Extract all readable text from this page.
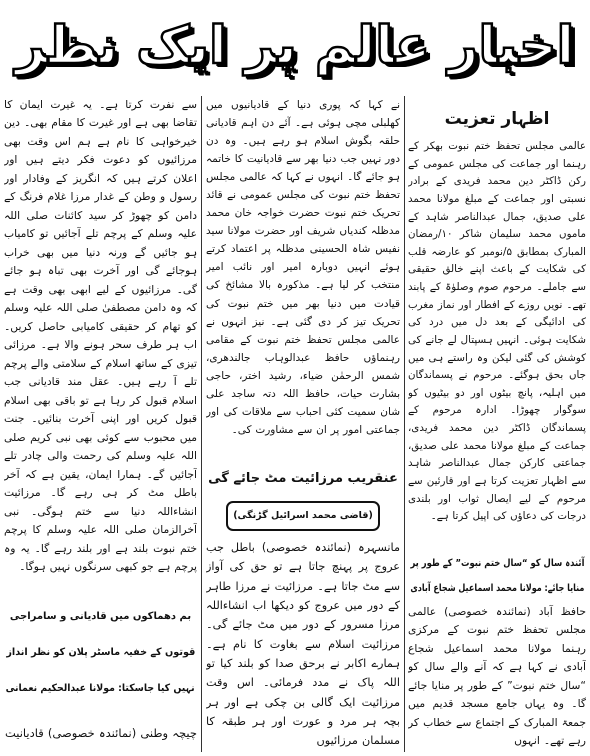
اخبار عالم پر ایک نظر
اظہار تعزیت
عالمی مجلس تحفظ ختم نبوت بھکر کے رہنما اور جماعت کی مجلس عمومی کے رکن ڈاکٹر دین محمد فریدی کے برادر نسبتی اور جماعت کے مبلغ مولانا محمد علی صدیق، جمال عبدالناصر شاہد کے ماموں محمد سلیمان شاکر ۱۰/رمضان المبارک بمطابق ۵/نومبر کو عارضہ قلب کی شکایت کے باعث اپنے خالق حقیقی سے جاملے۔ مرحوم صوم وصلوٰۃ کے پابند تھے۔ نویں روزے کے افطار اور نماز مغرب کی ادائیگی کے بعد دل میں درد کی شکایت ہوئی۔ انہیں ہسپتال لے جانے کی کوشش کی گئی لیکن وہ راستے ہی میں جاں بحق ہوگئے۔ مرحوم نے پسماندگان میں اہلیہ، پانچ بیٹوں اور دو بیٹیوں کو سوگوار چھوڑا۔ ادارہ مرحوم کے پسماندگان ڈاکٹر دین محمد فریدی، جماعت کے مبلغ مولانا محمد علی صدیق، جماعتی کارکن جمال عبدالناصر شاہد سے اظہار تعزیت کرتا ہے اور قارئین سے مرحوم کے لیے ایصال ثواب اور بلندی درجات کی دعاؤں کی اپیل کرتا ہے۔
آئندہ سال کو “سال ختم نبوت” کے طور پر
منایا جائے: مولانا محمد اسماعیل شجاع آبادی
حافظ آباد (نمائندہ خصوصی) عالمی مجلس تحفظ ختم نبوت کے مرکزی رہنما مولانا محمد اسماعیل شجاع آبادی نے کہا ہے کہ آنے والے سال کو “سال ختم نبوت” کے طور پر منایا جائے گا۔ وہ یہاں جامع مسجد قدیم میں جمعۃ المبارک کے اجتماع سے خطاب کر رہے تھے۔ انہوں
نے کہا کہ پوری دنیا کے قادیانیوں میں کھلبلی مچی ہوئی ہے۔ آئے دن اہم قادیانی حلقہ بگوش اسلام ہو رہے ہیں۔ وہ دن دور نہیں جب دنیا بھر سے قادیانیت کا خاتمہ ہو جائے گا۔ انہوں نے کہا کہ عالمی مجلس تحفظ ختم نبوت کی مجلس عمومی نے قائد تحریک ختم نبوت حضرت خواجہ خان محمد مدظلہ کندیاں شریف اور حضرت مولانا سید نفیس شاہ الحسینی مدظلہ پر اعتماد کرتے ہوئے انہیں دوبارہ امیر اور نائب امیر منتخب کر لیا ہے۔ مذکورہ بالا مشائخ کی قیادت میں دنیا بھر میں ختم نبوت کی تحریک تیز کر دی گئی ہے۔ نیز انہوں نے عالمی مجلس تحفظ ختم نبوت کے مقامی رہنماؤں حافظ عبدالوہاب جالندھری، شمس الرحمٰن ضیاء، رشید اختر، حاجی بشارت حیات، حافظ اللہ دتہ ساجد علی شان سمیت کئی احباب سے ملاقات کی اور جماعتی امور پر ان سے مشاورت کی۔
عنقریب مرزائیت مٹ جائے گی
(قاضی محمد اسرائیل گڑنگی)
مانسہرہ (نمائندہ خصوصی) باطل جب عروج پر پہنچ جاتا ہے تو حق کی آواز سے مٹ جاتا ہے۔ مرزائیت نے مرزا طاہر کے دور میں عروج کو دیکھا اب انشاءاللہ مرزا مسرور کے دور میں مٹ جائے گی۔ مرزائیت اسلام سے بغاوت کا نام ہے۔ ہمارے اکابر نے برحق صدا کو بلند کیا تو اللہ پاک نے مدد فرمائی۔ اس وقت مرزائیت ایک گالی بن چکی ہے اور ہر بچہ ہر مرد و عورت اور ہر طبقہ کا مسلمان مرزائیوں
سے نفرت کرتا ہے۔ یہ غیرت ایمان کا تقاضا بھی ہے اور غیرت کا مقام بھی۔ دین خیرخواہی کا نام ہے ہم اس وقت بھی مرزائیوں کو دعوت فکر دیتے ہیں اور اعلان کرتے ہیں کہ انگریز کے وفادار اور رسول و وطن کے غدار مرزا غلام فرنگ کے دامن کو چھوڑ کر سید کائنات صلی اللہ علیہ وسلم کے پرچم تلے آجائیں تو کامیاب ہو جائیں گے ورنہ دنیا میں بھی خراب ہوجائے گی اور آخرت بھی تباہ ہو جائے گی۔ مرزائیوں کے لیے ابھی بھی وقت ہے کہ وہ دامن مصطفیٰ صلی اللہ علیہ وسلم کو تھام کر حقیقی کامیابی حاصل کریں۔ اب ہر طرف سحر ہونے والا ہے۔ مرزائی تیزی کے ساتھ اسلام کے سلامتی والے پرچم تلے آ رہے ہیں۔ عقل مند قادیانی جب اسلام قبول کر رہا ہے تو باقی بھی اسلام قبول کریں اور اپنی آخرت بنائیں۔ جنت میں محبوب سے کوئی بھی نبی کریم صلی اللہ علیہ وسلم کی رحمت والی چادر تلے آجائیں گے۔ ہمارا ایمان، یقین ہے کہ آخر باطل مٹ کر ہی رہے گا۔ مرزائیت انشاءاللہ دنیا سے ختم ہوگی۔ نبی آخرالزمان صلی اللہ علیہ وسلم کا پرچم ختم نبوت بلند ہے اور بلند رہے گا۔ یہ وہ پرچم ہے جو کبھی سرنگوں نہیں ہوگا۔
بم دھماکوں میں قادیانی و سامراجی
قوتوں کے خفیہ ماسٹر پلان کو نظر انداز
نہیں کیا جاسکتا: مولانا عبدالحکیم نعمانی
چیچہ وطنی (نمائندہ خصوصی) قادیانیت
